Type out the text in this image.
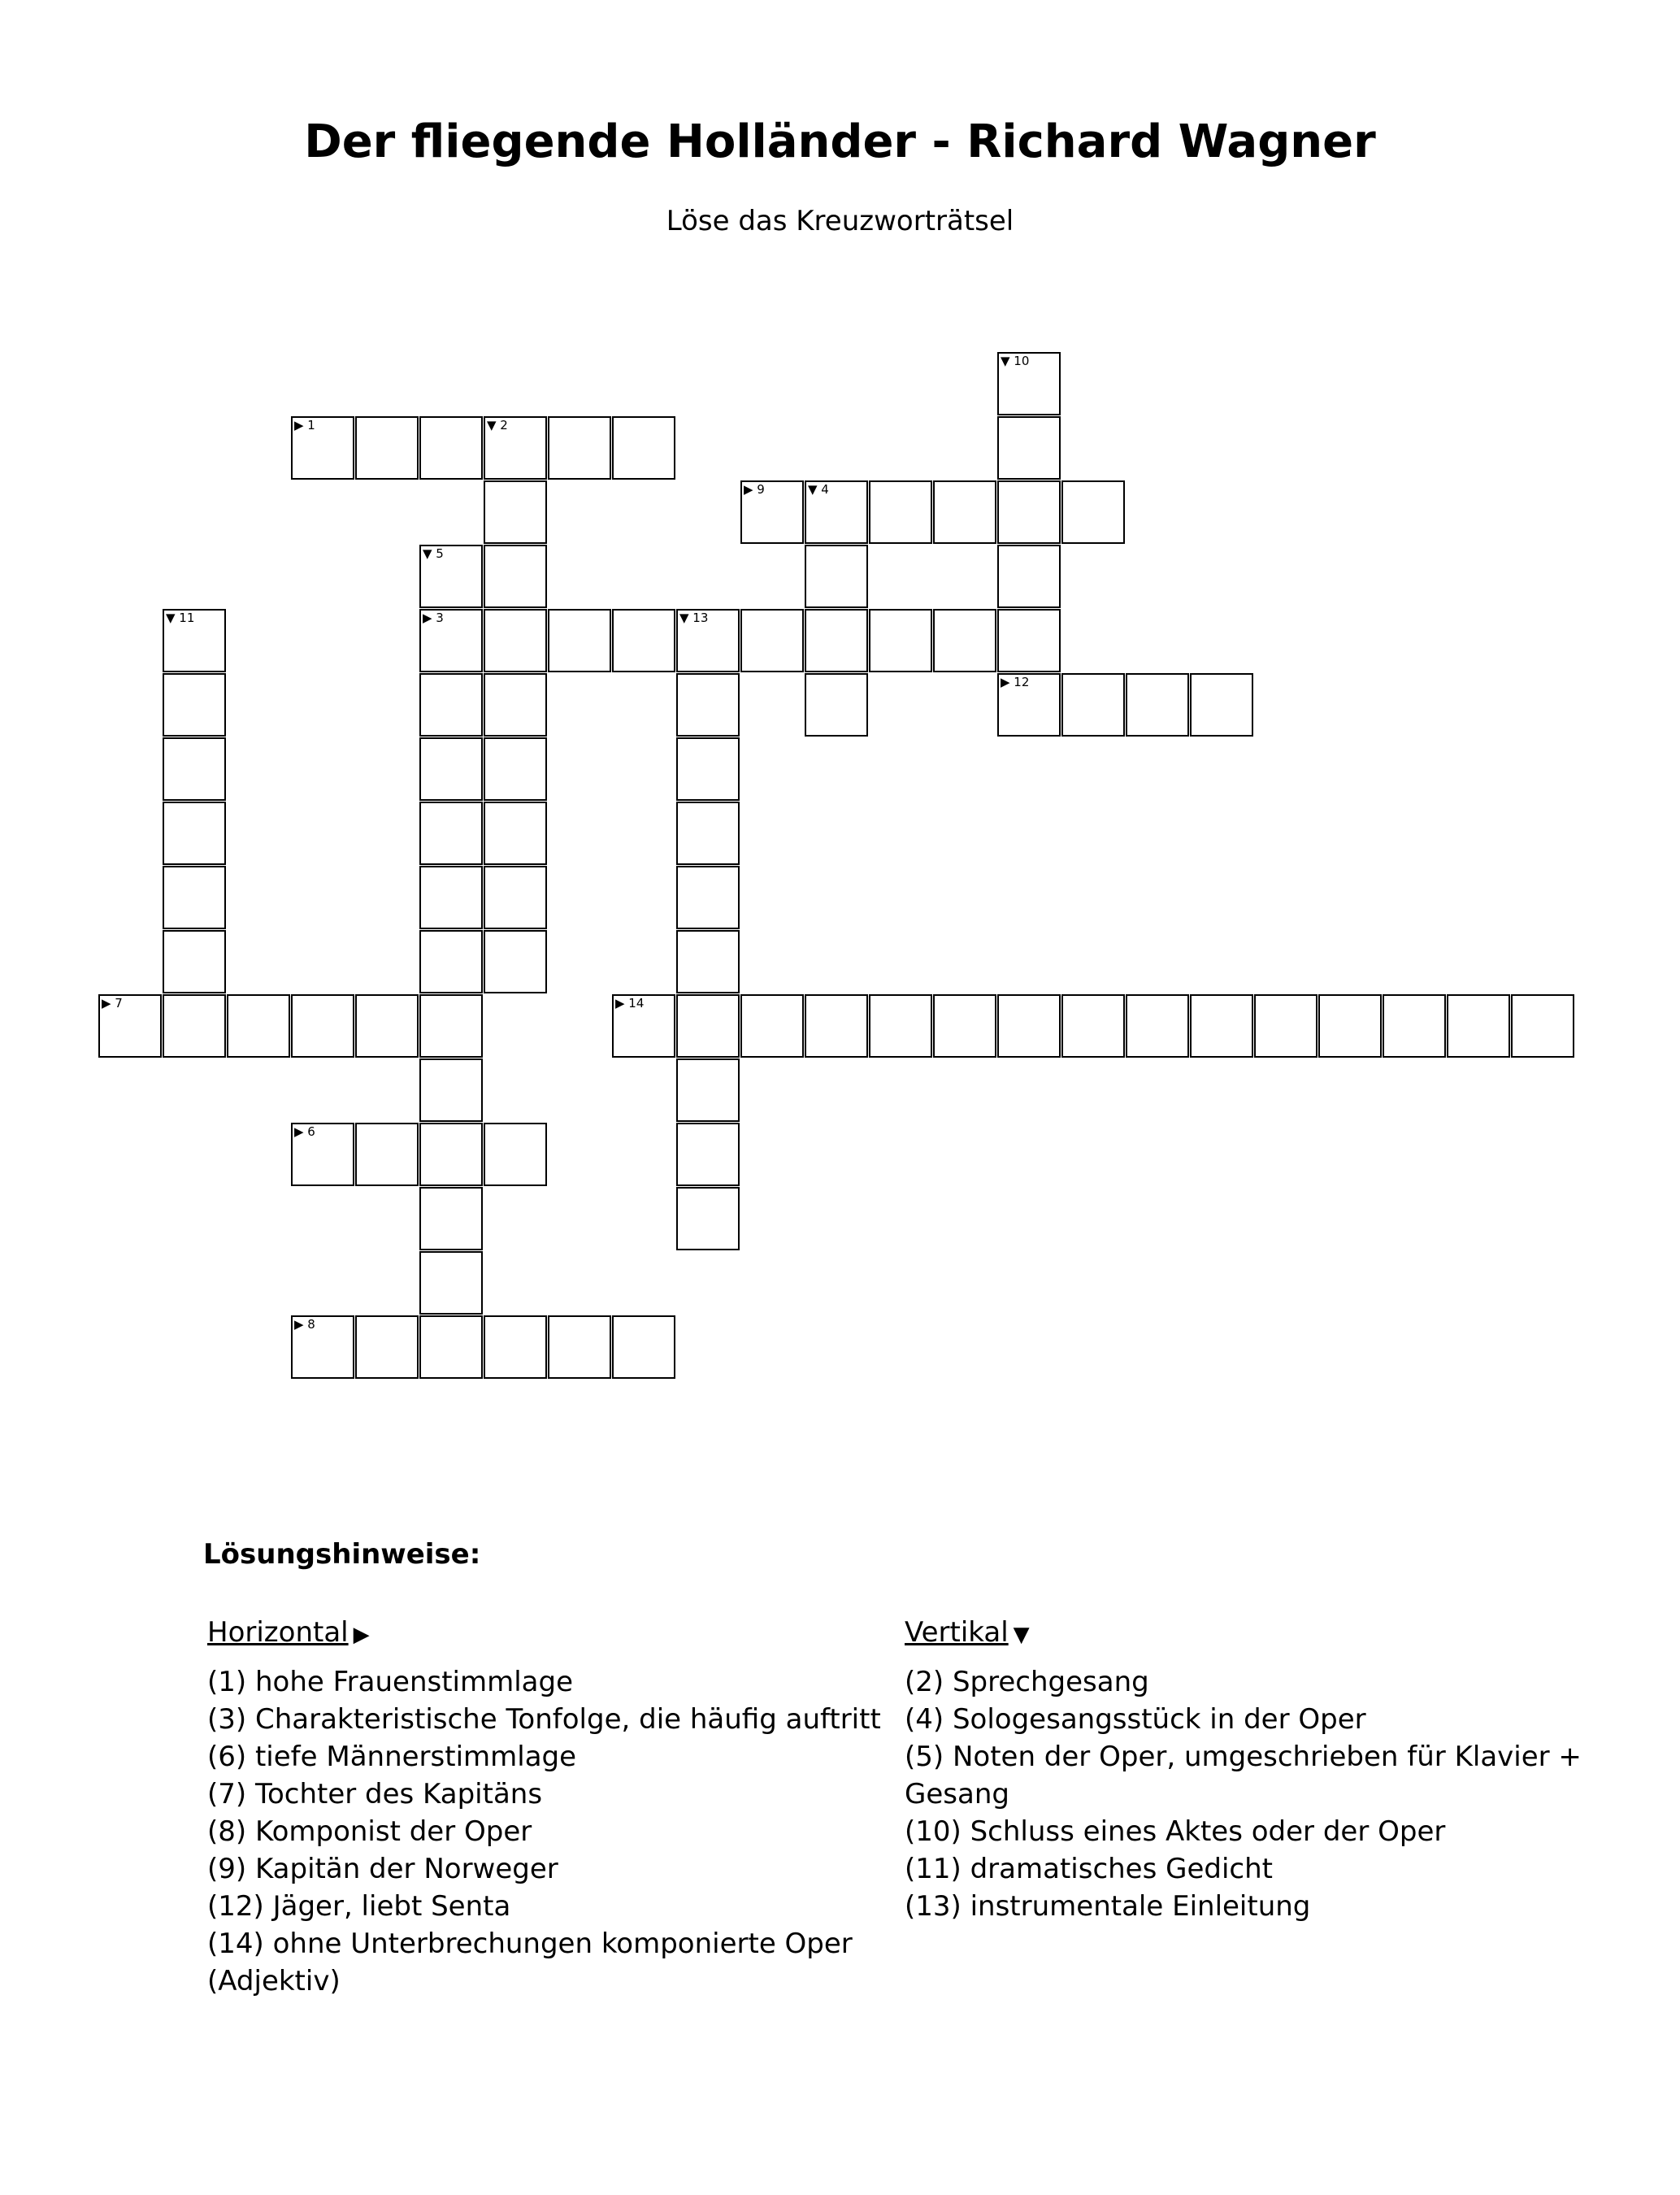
Der fliegende Holländer - Richard Wagner
Löse das Kreuzworträtsel
▶ 1	▼ 2
▶ 3	▼ 13
▼ 4
▼ 5
▶ 6
▶ 7
▶ 8
▶ 9
▼ 10
▼ 11
▶ 12
▶ 14
Lösungshinweise:
Horizontal ▶
(1) hohe Frauenstimmlage
(3) Charakteristische Tonfolge, die häufig auftritt
(6) tiefe Männerstimmlage
(7) Tochter des Kapitäns
(8) Komponist der Oper
(9) Kapitän der Norweger
(12) Jäger, liebt Senta
(14) ohne Unterbrechungen komponierte Oper (Adjektiv)
Vertikal ▼
(2) Sprechgesang
(4) Sologesangsstück in der Oper
(5) Noten der Oper, umgeschrieben für Klavier + Gesang
(10) Schluss eines Aktes oder der Oper
(11) dramatisches Gedicht
(13) instrumentale Einleitung
